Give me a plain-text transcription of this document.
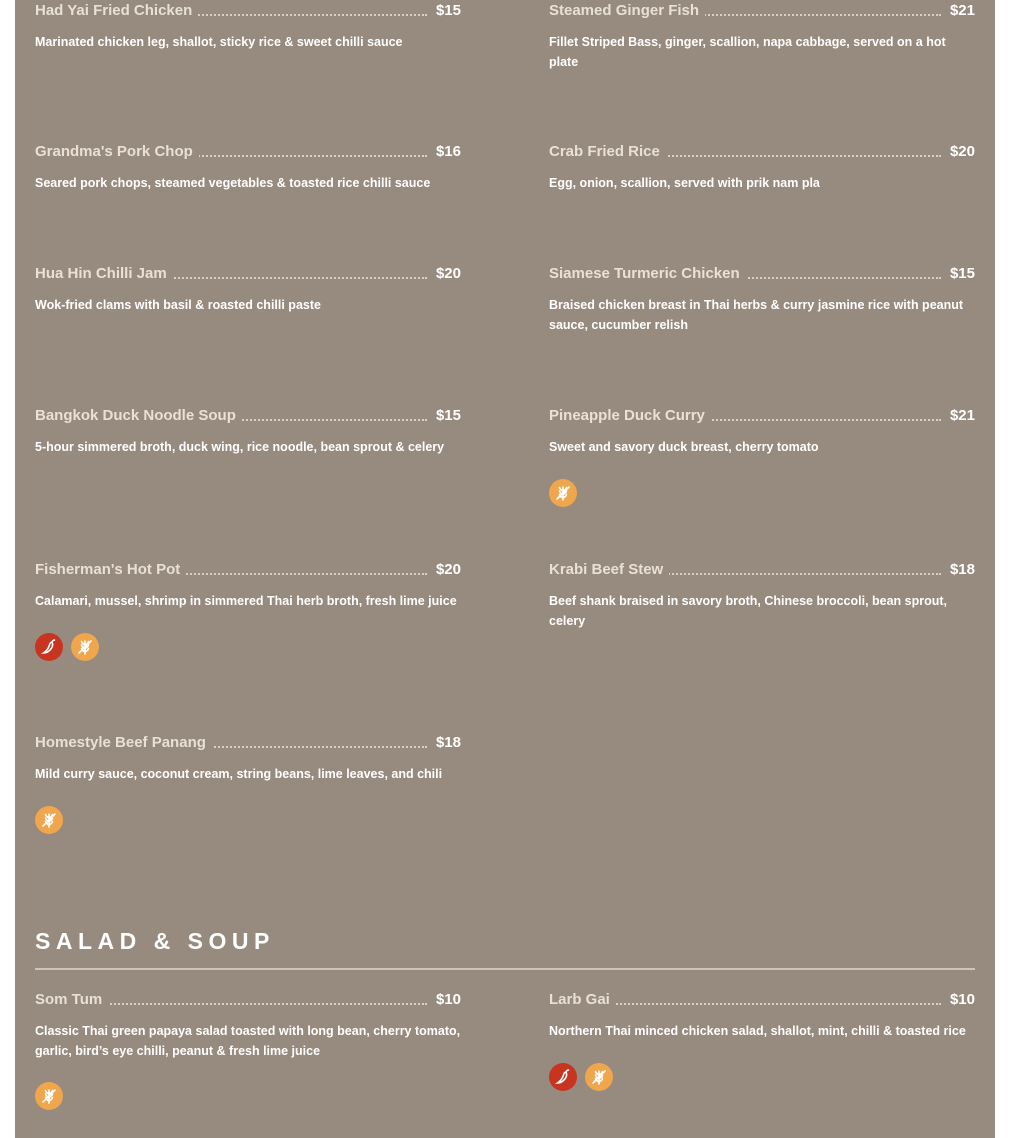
Had Yai Fried Chicken	$15
Marinated chicken leg, shallot, sticky rice & sweet chilli sauce
Steamed Ginger Fish	$21
Fillet Striped Bass, ginger, scallion, napa cabbage, served on a hot plate
Grandma's Pork Chop	$16
Seared pork chops, steamed vegetables & toasted rice chilli sauce
Crab Fried Rice	$20
Egg, onion, scallion, served with prik nam pla
Hua Hin Chilli Jam	$20
Wok-fried clams with basil & roasted chilli paste
Siamese Turmeric Chicken	$15
Braised chicken breast in Thai herbs & curry jasmine rice with peanut sauce, cucumber relish
Bangkok Duck Noodle Soup	$15
5-hour simmered broth, duck wing, rice noodle, bean sprout & celery
Pineapple Duck Curry	$21
Sweet and savory duck breast, cherry tomato
Fisherman's Hot Pot	$20
Calamari, mussel, shrimp in simmered Thai herb broth, fresh lime juice
Krabi Beef Stew	$18
Beef shank braised in savory broth, Chinese broccoli, bean sprout, celery
Homestyle Beef Panang	$18
Mild curry sauce, coconut cream, string beans, lime leaves, and chili
SALAD & SOUP
Som Tum	$10
Classic Thai green papaya salad toasted with long bean, cherry tomato, garlic, bird’s eye chilli, peanut & fresh lime juice
Larb Gai	$10
Northern Thai minced chicken salad, shallot, mint, chilli & toasted rice
